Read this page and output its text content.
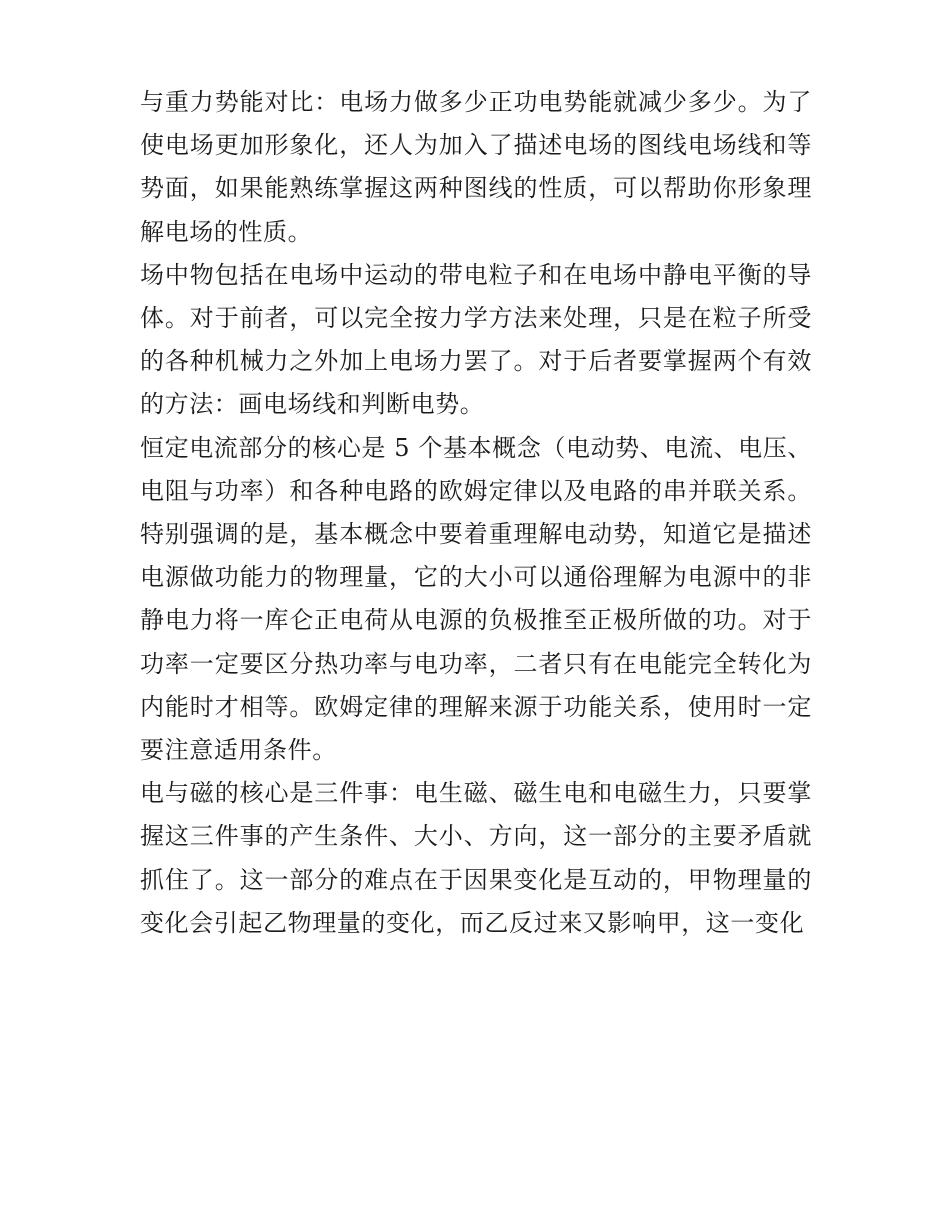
与重力势能对比：电场力做多少正功电势能就减少多少。为了使电场更加形象化，还人为加入了描述电场的图线电场线和等势面，如果能熟练掌握这两种图线的性质，可以帮助你形象理解电场的性质。

场中物包括在电场中运动的带电粒子和在电场中静电平衡的导体。对于前者，可以完全按力学方法来处理，只是在粒子所受的各种机械力之外加上电场力罢了。对于后者要掌握两个有效的方法：画电场线和判断电势。

恒定电流部分的核心是 5 个基本概念（电动势、电流、电压、电阻与功率）和各种电路的欧姆定律以及电路的串并联关系。特别强调的是，基本概念中要着重理解电动势，知道它是描述电源做功能力的物理量，它的大小可以通俗理解为电源中的非静电力将一库仑正电荷从电源的负极推至正极所做的功。对于功率一定要区分热功率与电功率，二者只有在电能完全转化为内能时才相等。欧姆定律的理解来源于功能关系，使用时一定要注意适用条件。

电与磁的核心是三件事：电生磁、磁生电和电磁生力，只要掌握这三件事的产生条件、大小、方向，这一部分的主要矛盾就抓住了。这一部分的难点在于因果变化是互动的，甲物理量的变化会引起乙物理量的变化，而乙反过来又影响甲，这一变化
